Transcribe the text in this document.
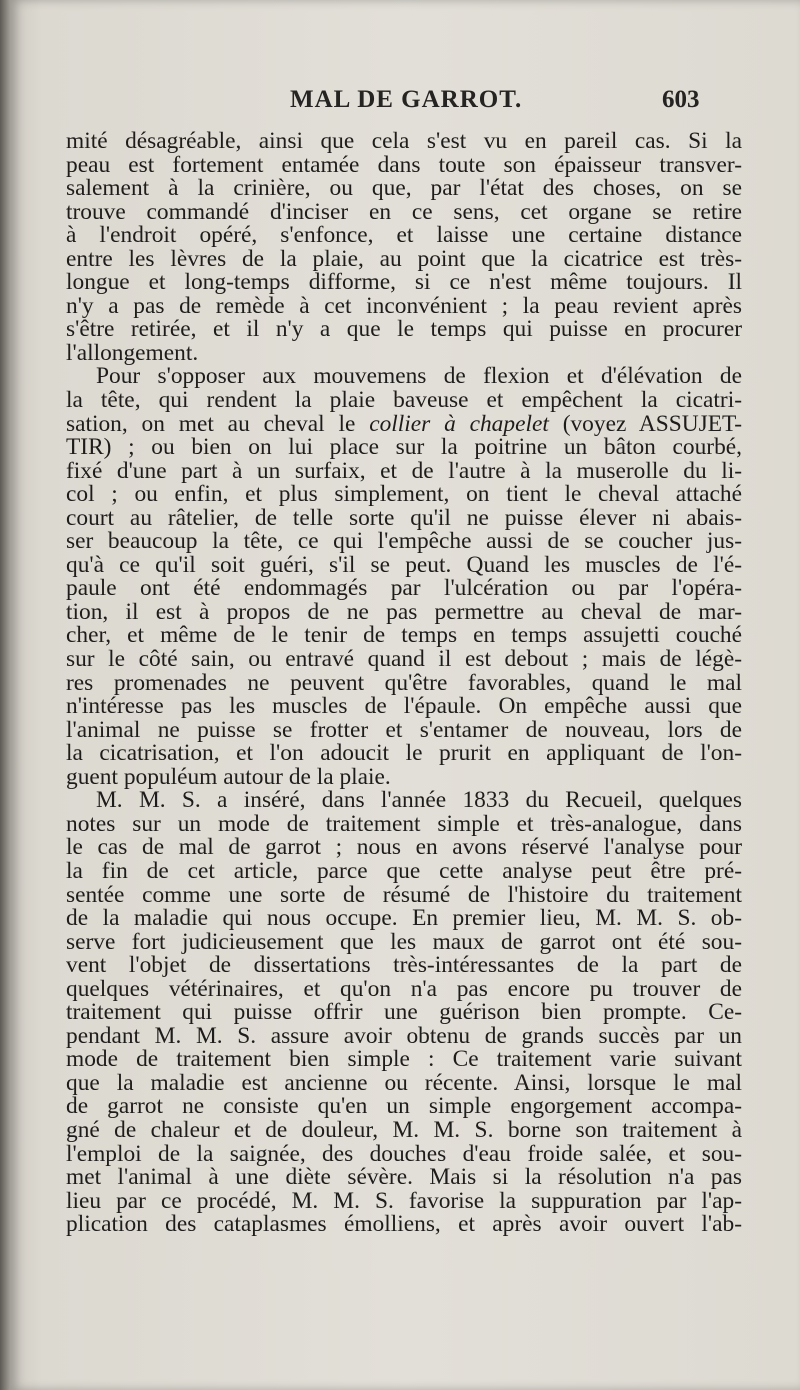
MAL DE GARROT.	603
mité désagréable, ainsi que cela s'est vu en pareil cas. Si la
peau est fortement entamée dans toute son épaisseur transver-
salement à la crinière, ou que, par l'état des choses, on se
trouve commandé d'inciser en ce sens, cet organe se retire
à l'endroit opéré, s'enfonce, et laisse une certaine distance
entre les lèvres de la plaie, au point que la cicatrice est très-
longue et long-temps difforme, si ce n'est même toujours. Il
n'y a pas de remède à cet inconvénient ; la peau revient après
s'être retirée, et il n'y a que le temps qui puisse en procurer
l'allongement.
Pour s'opposer aux mouvemens de flexion et d'élévation de
la tête, qui rendent la plaie baveuse et empêchent la cicatri-
sation, on met au cheval le collier à chapelet (voyez ASSUJET-
TIR) ; ou bien on lui place sur la poitrine un bâton courbé,
fixé d'une part à un surfaix, et de l'autre à la muserolle du li-
col ; ou enfin, et plus simplement, on tient le cheval attaché
court au râtelier, de telle sorte qu'il ne puisse élever ni abais-
ser beaucoup la tête, ce qui l'empêche aussi de se coucher jus-
qu'à ce qu'il soit guéri, s'il se peut. Quand les muscles de l'é-
paule ont été endommagés par l'ulcération ou par l'opéra-
tion, il est à propos de ne pas permettre au cheval de mar-
cher, et même de le tenir de temps en temps assujetti couché
sur le côté sain, ou entravé quand il est debout ; mais de légè-
res promenades ne peuvent qu'être favorables, quand le mal
n'intéresse pas les muscles de l'épaule. On empêche aussi que
l'animal ne puisse se frotter et s'entamer de nouveau, lors de
la cicatrisation, et l'on adoucit le prurit en appliquant de l'on-
guent populéum autour de la plaie.
M. M. S. a inséré, dans l'année 1833 du Recueil, quelques
notes sur un mode de traitement simple et très-analogue, dans
le cas de mal de garrot ; nous en avons réservé l'analyse pour
la fin de cet article, parce que cette analyse peut être pré-
sentée comme une sorte de résumé de l'histoire du traitement
de la maladie qui nous occupe. En premier lieu, M. M. S. ob-
serve fort judicieusement que les maux de garrot ont été sou-
vent l'objet de dissertations très-intéressantes de la part de
quelques vétérinaires, et qu'on n'a pas encore pu trouver de
traitement qui puisse offrir une guérison bien prompte. Ce-
pendant M. M. S. assure avoir obtenu de grands succès par un
mode de traitement bien simple : Ce traitement varie suivant
que la maladie est ancienne ou récente. Ainsi, lorsque le mal
de garrot ne consiste qu'en un simple engorgement accompa-
gné de chaleur et de douleur, M. M. S. borne son traitement à
l'emploi de la saignée, des douches d'eau froide salée, et sou-
met l'animal à une diète sévère. Mais si la résolution n'a pas
lieu par ce procédé, M. M. S. favorise la suppuration par l'ap-
plication des cataplasmes émolliens, et après avoir ouvert l'ab-
